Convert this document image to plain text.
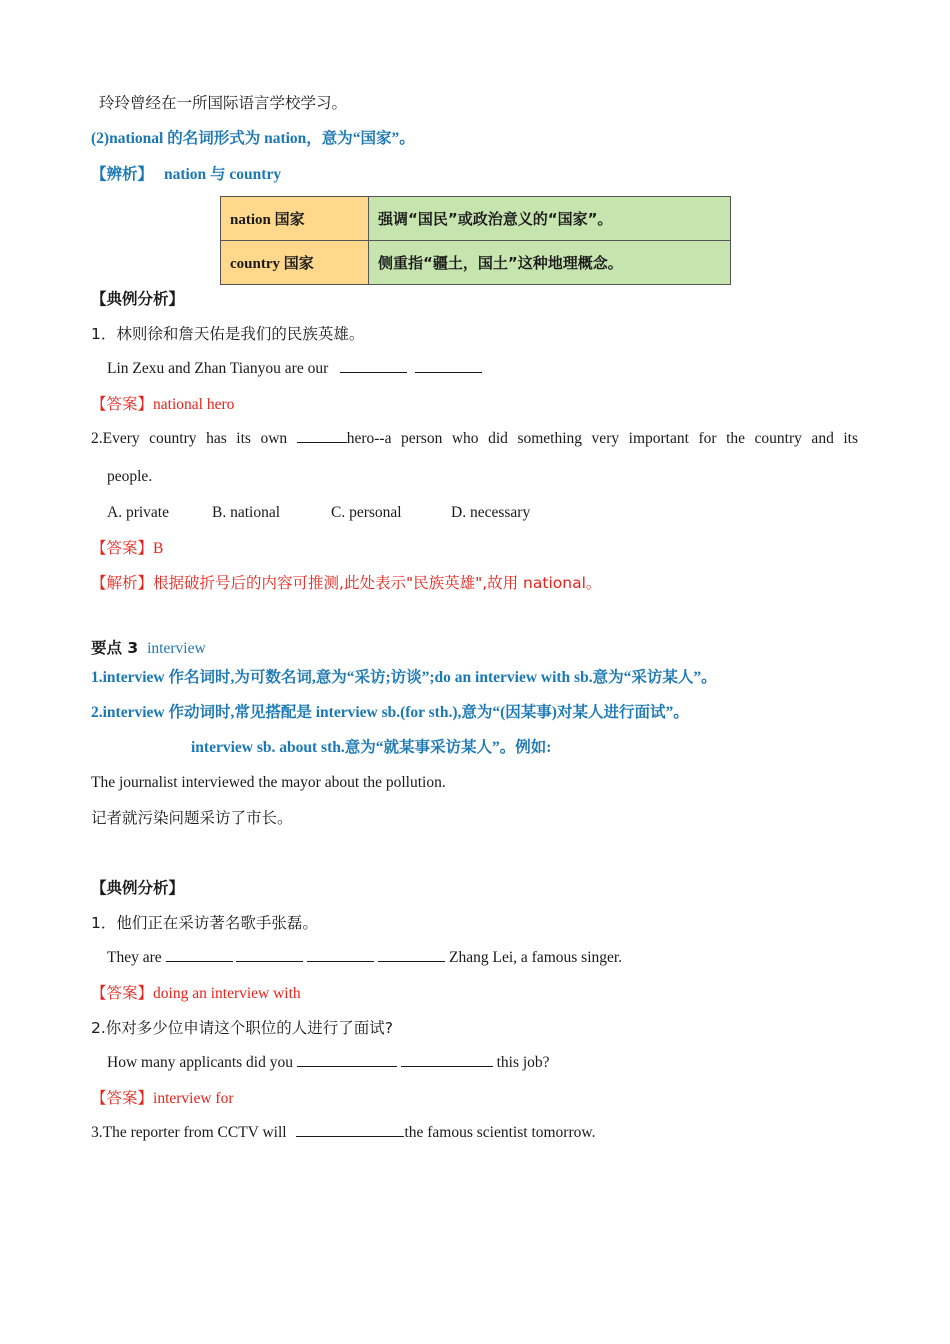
玲玲曾经在一所国际语言学校学习。
(2)national 的名词形式为 nation，意为“国家”。
【辨析】 nation 与 country
nation 国家	强调“国民”或政治意义的“国家”。
country 国家	侧重指“疆土，国土”这种地理概念。
【典例分析】
1．林则徐和詹天佑是我们的民族英雄。
Lin Zexu and Zhan Tianyou are our
【答案】national hero
2.Every country has its own	hero--a person who did something very important for the country and its
people.
A. private	B. national	C. personal	D. necessary
【答案】B
【解析】根据破折号后的内容可推测,此处表示"民族英雄",故用 national。
要点 3 interview
1.interview 作名词时,为可数名词,意为“采访;访谈”;do an interview with sb.意为“采访某人”。
2.interview 作动词时,常见搭配是 interview sb.(for sth.),意为“(因某事)对某人进行面试”。
interview sb. about sth.意为“就某事采访某人”。例如:
The journalist interviewed the mayor about the pollution.
记者就污染问题采访了市长。
【典例分析】
1．他们正在采访著名歌手张磊。
They are	Zhang Lei, a famous singer.
【答案】doing an interview with
2.你对多少位申请这个职位的人进行了面试?
How many applicants did you	this job?
【答案】interview for
3.The reporter from CCTV will	the famous scientist tomorrow.
